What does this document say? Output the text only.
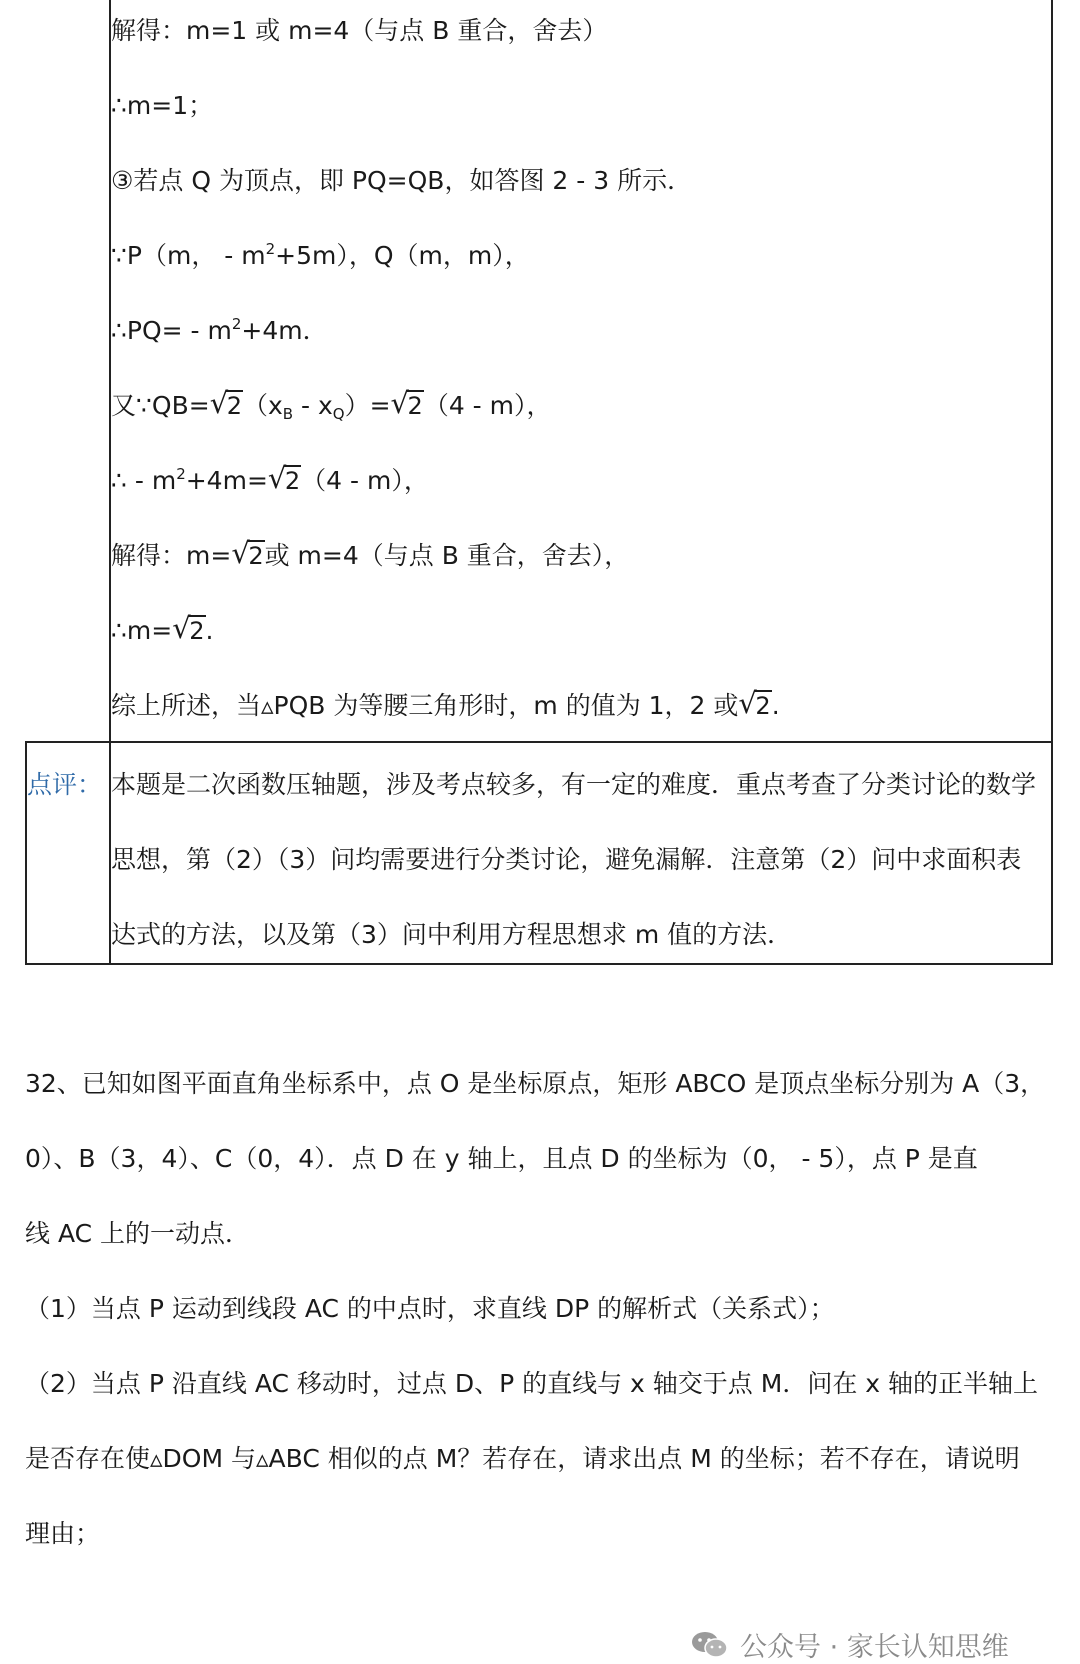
解得：m=1 或 m=4（与点 B 重合，舍去）
∴m=1；
③若点 Q 为顶点，即 PQ=QB，如答图 2 - 3 所示．
∵P（m， - $m^2+5m$），Q（m，m），
∴PQ= - $m^2+4m$．
又∵QB=√ $2(x_B - x_Q)=√$ 2（4 - m），
∴ - $m^2+4m=√$ 2（4 - m），
解得：m=√ 2或 m=4（与点 B 重合，舍去），
∴m=√ 2.
综上所述，当▵PQB 为等腰三角形时，m 的值为 1，2 或√ 2.
点评： 本题是二次函数压轴题，涉及考点较多，有一定的难度．重点考查了分类讨论的数学
思想，第（2）（3）问均需要进行分类讨论，避免漏解．注意第（2）问中求面积表
达式的方法，以及第（3）问中利用方程思想求 m 值的方法．
32、已知如图平面直角坐标系中，点 O 是坐标原点，矩形 ABCO 是顶点坐标分别为 A（3，
0）、B（3，4）、C（0，4）．点 D 在 y 轴上，且点 D 的坐标为（0， - 5），点 P 是直
线 AC 上的一动点．
（1）当点 P 运动到线段 AC 的中点时，求直线 DP 的解析式（关系式）；
（2）当点 P 沿直线 AC 移动时，过点 D、P 的直线与 x 轴交于点 M．问在 x 轴的正半轴上
是否存在使▵DOM 与▵ABC 相似的点 M？若存在，请求出点 M 的坐标；若不存在，请说明
理由；
公众号 · 家长认知思维
